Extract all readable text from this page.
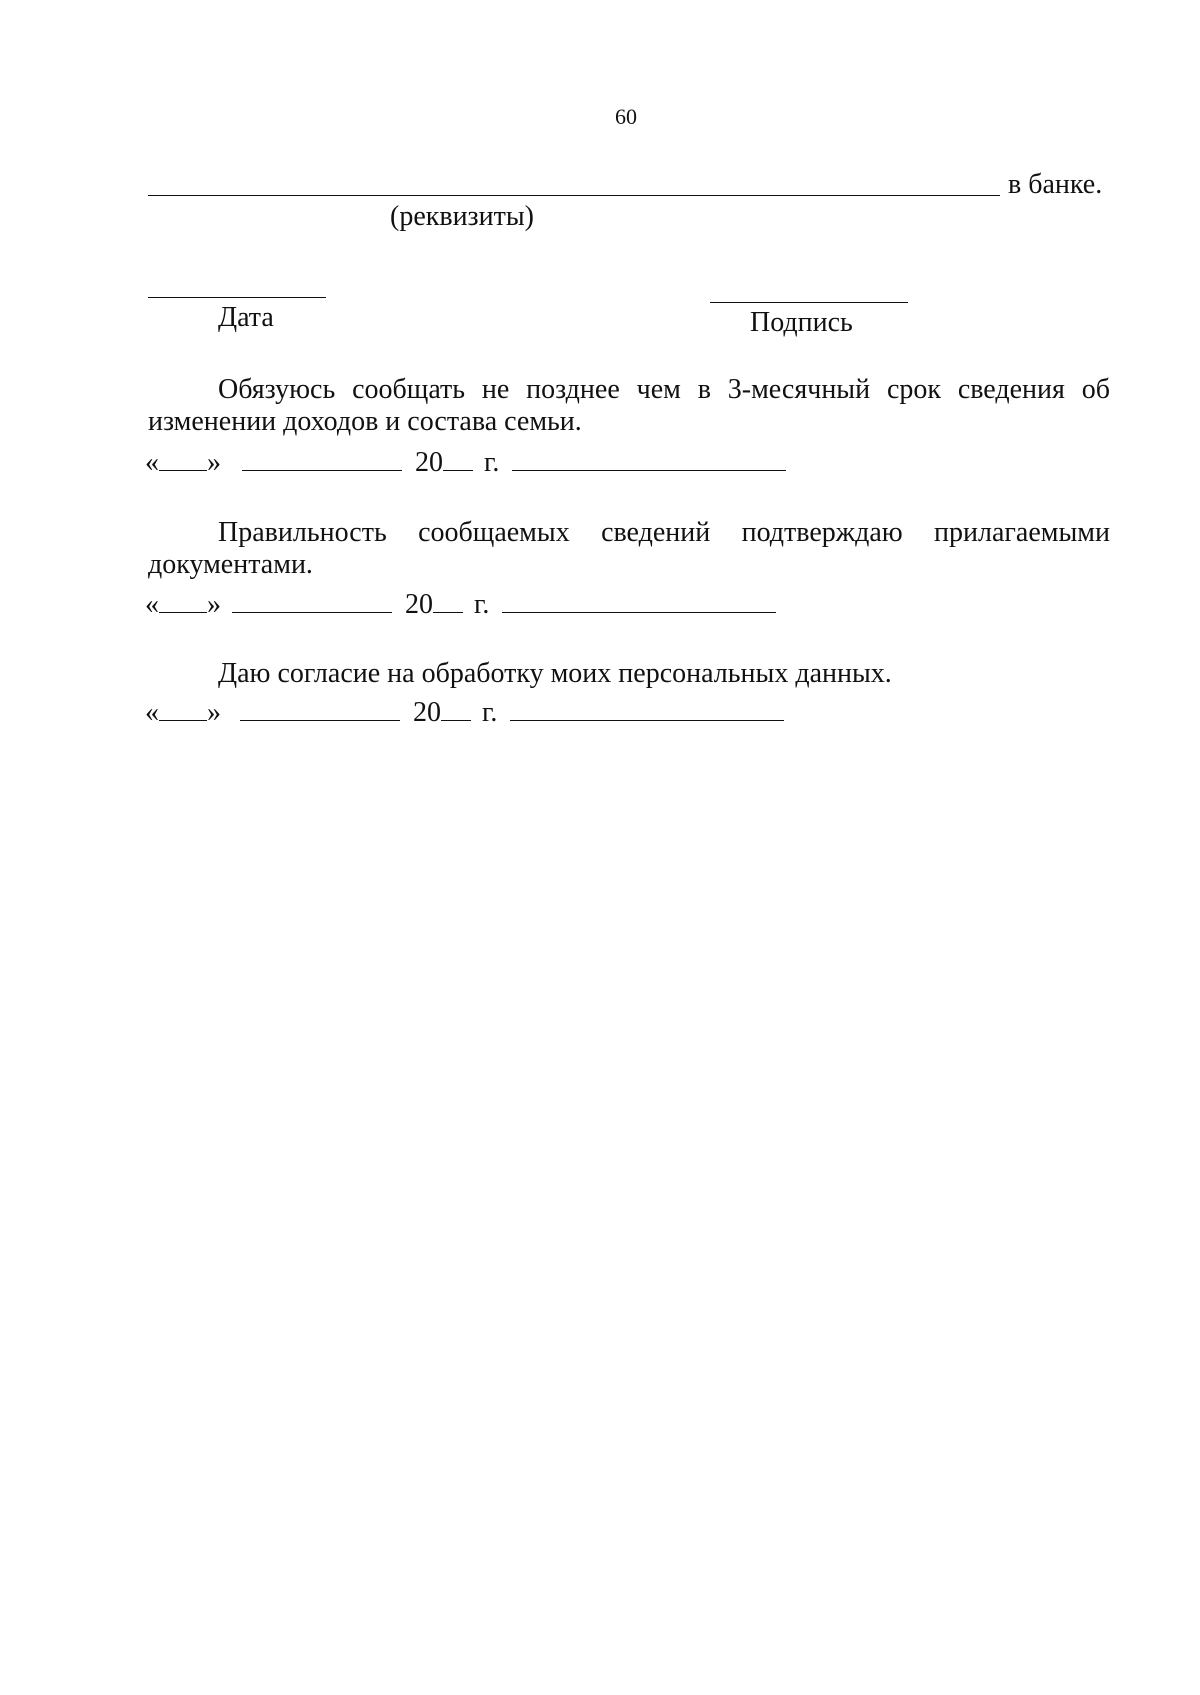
60
в банке.
(реквизиты)
Дата	Подпись
Обязуюсь сообщать не позднее чем в 3-месячный срок сведения об изменении доходов и состава семьи.
« »	20 г.
Правильность сообщаемых сведений подтверждаю прилагаемыми документами.
« »	20 г.
Даю согласие на обработку моих персональных данных.
« »	20 г.
